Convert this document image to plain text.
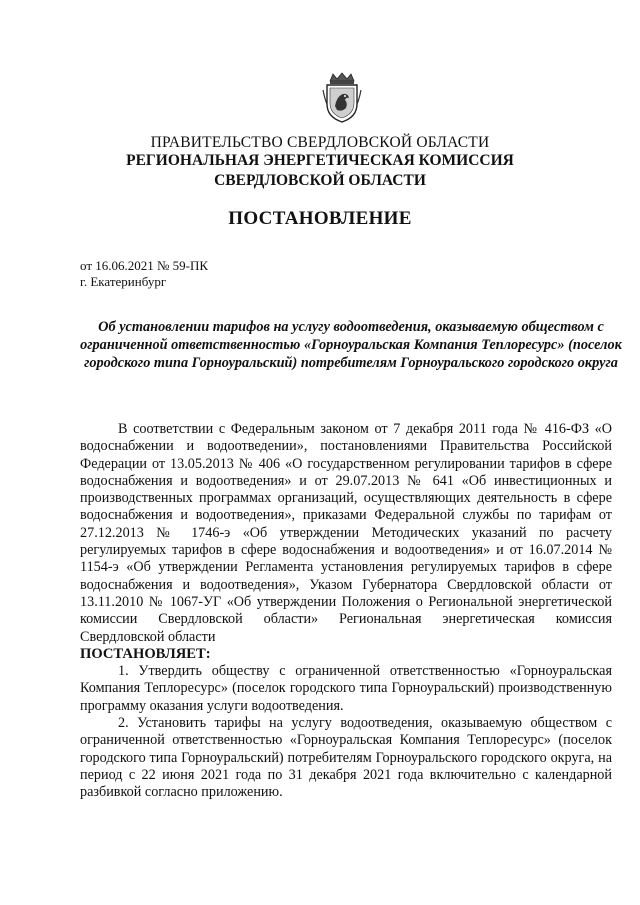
ПРАВИТЕЛЬСТВО СВЕРДЛОВСКОЙ ОБЛАСТИ
РЕГИОНАЛЬНАЯ ЭНЕРГЕТИЧЕСКАЯ КОМИССИЯ
СВЕРДЛОВСКОЙ ОБЛАСТИ
ПОСТАНОВЛЕНИЕ
от 16.06.2021 № 59-ПК
г. Екатеринбург
Об установлении тарифов на услугу водоотведения, оказываемую обществом с ограниченной ответственностью «Горноуральская Компания Теплоресурс» (поселок городского типа Горноуральский) потребителям Горноуральского городского округа

В соответствии с Федеральным законом от 7 декабря 2011 года № 416-ФЗ «О водоснабжении и водоотведении», постановлениями Правительства Российской Федерации от 13.05.2013 № 406 «О государственном регулировании тарифов в сфере водоснабжения и водоотведения» и от 29.07.2013 № 641 «Об инвестиционных и производственных программах организаций, осуществляющих деятельность в сфере водоснабжения и водоотведения», приказами Федеральной службы по тарифам от 27.12.2013 № 1746-э «Об утверждении Методических указаний по расчету регулируемых тарифов в сфере водоснабжения и водоотведения» и от 16.07.2014 № 1154-э «Об утверждении Регламента установления регулируемых тарифов в сфере водоснабжения и водоотведения», Указом Губернатора Свердловской области от 13.11.2010 № 1067-УГ «Об утверждении Положения о Региональной энергетической комиссии Свердловской области» Региональная энергетическая комиссия Свердловской области

ПОСТАНОВЛЯЕТ:

1. Утвердить обществу с ограниченной ответственностью «Горноуральская Компания Теплоресурс» (поселок городского типа Горноуральский) производственную программу оказания услуги водоотведения.

2. Установить тарифы на услугу водоотведения, оказываемую обществом с ограниченной ответственностью «Горноуральская Компания Теплоресурс» (поселок городского типа Горноуральский) потребителям Горноуральского городского округа, на период с 22 июня 2021 года по 31 декабря 2021 года включительно с календарной разбивкой согласно приложению.
